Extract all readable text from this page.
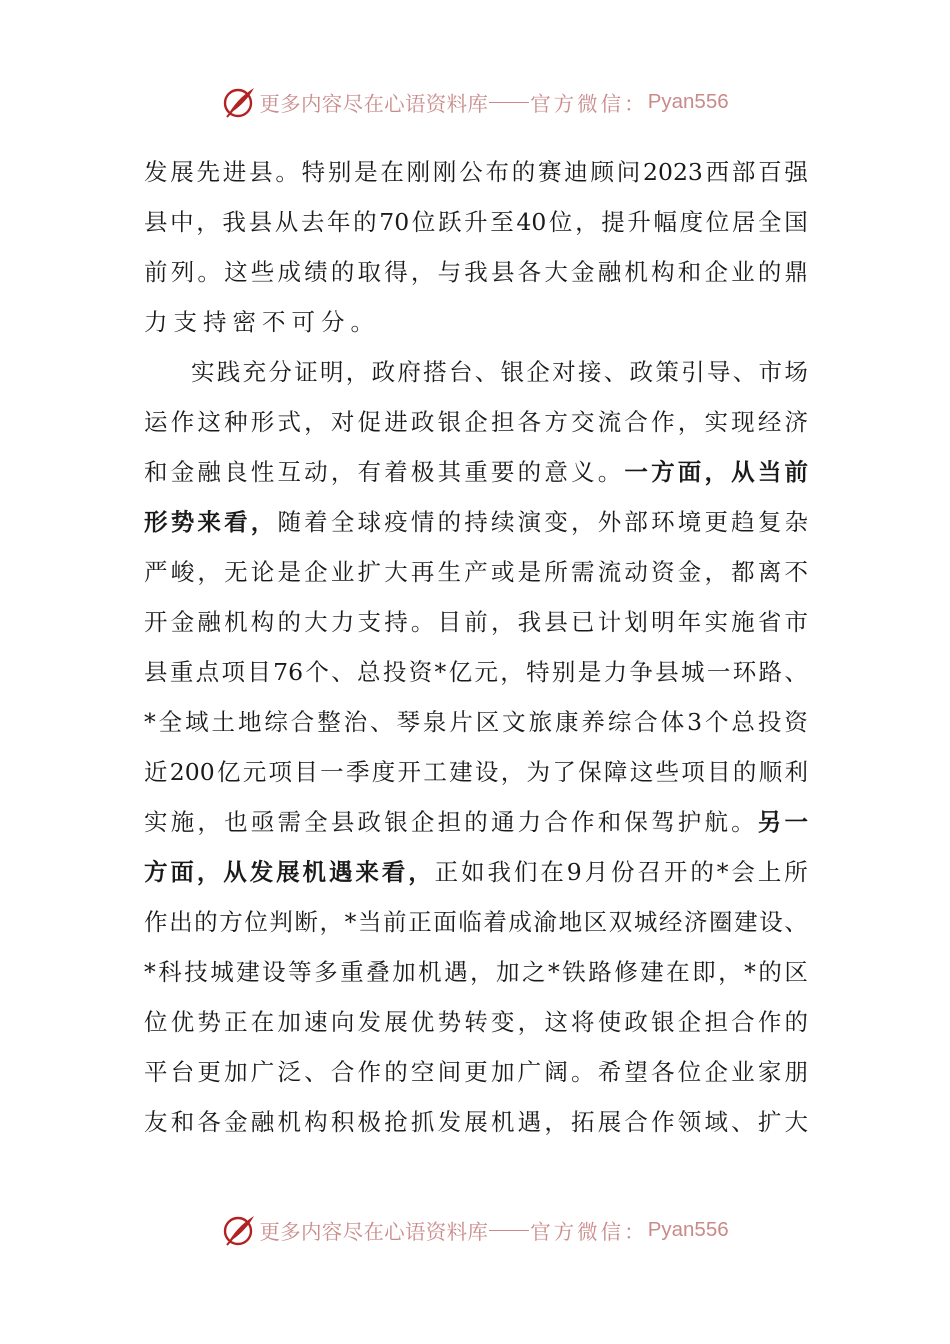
更多内容尽在心语资料库 官方微信： Pyan556
发 展 先 进 县 。 特 别 是 在 刚 刚 公 布 的 赛 迪 顾 问 2023 西 部 百 强
县 中 ， 我 县 从 去 年 的 70 位 跃 升 至 40 位 ， 提 升 幅 度 位 居 全 国
前 列 。 这 些 成 绩 的 取 得 ， 与 我 县 各 大 金 融 机 构 和 企 业 的 鼎
力 支 持 密 不 可 分 。
实 践 充 分 证 明 ， 政 府 搭 台 、 银 企 对 接 、 政 策 引 导 、 市 场
运 作 这 种 形 式 ， 对 促 进 政 银 企 担 各 方 交 流 合 作 ， 实 现 经 济
和 金 融 良 性 互 动 ， 有 着 极 其 重 要 的 意 义 。 一 方 面 ， 从 当 前
形 势 来 看 ， 随 着 全 球 疫 情 的 持 续 演 变 ， 外 部 环 境 更 趋 复 杂
严 峻 ， 无 论 是 企 业 扩 大 再 生 产 或 是 所 需 流 动 资 金 ， 都 离 不
开 金 融 机 构 的 大 力 支 持 。 目 前 ， 我 县 已 计 划 明 年 实 施 省 市
县 重 点 项 目 76 个 、 总 投 资 * 亿 元 ， 特 别 是 力 争 县 城 一 环 路 、
* 全 域 土 地 综 合 整 治 、 琴 泉 片 区 文 旅 康 养 综 合 体 3 个 总 投 资
近 200 亿 元 项 目 一 季 度 开 工 建 设 ， 为 了 保 障 这 些 项 目 的 顺 利
实 施 ， 也 亟 需 全 县 政 银 企 担 的 通 力 合 作 和 保 驾 护 航 。 另 一
方 面 ， 从 发 展 机 遇 来 看 ， 正 如 我 们 在 9 月 份 召 开 的 * 会 上 所
作 出 的 方 位 判 断 ， * 当 前 正 面 临 着 成 渝 地 区 双 城 经 济 圈 建 设 、
* 科 技 城 建 设 等 多 重 叠 加 机 遇 ， 加 之 * 铁 路 修 建 在 即 ， * 的 区
位 优 势 正 在 加 速 向 发 展 优 势 转 变 ， 这 将 使 政 银 企 担 合 作 的
平 台 更 加 广 泛 、 合 作 的 空 间 更 加 广 阔 。 希 望 各 位 企 业 家 朋
友 和 各 金 融 机 构 积 极 抢 抓 发 展 机 遇 ， 拓 展 合 作 领 域 、 扩 大
更多内容尽在心语资料库 官方微信： Pyan556
